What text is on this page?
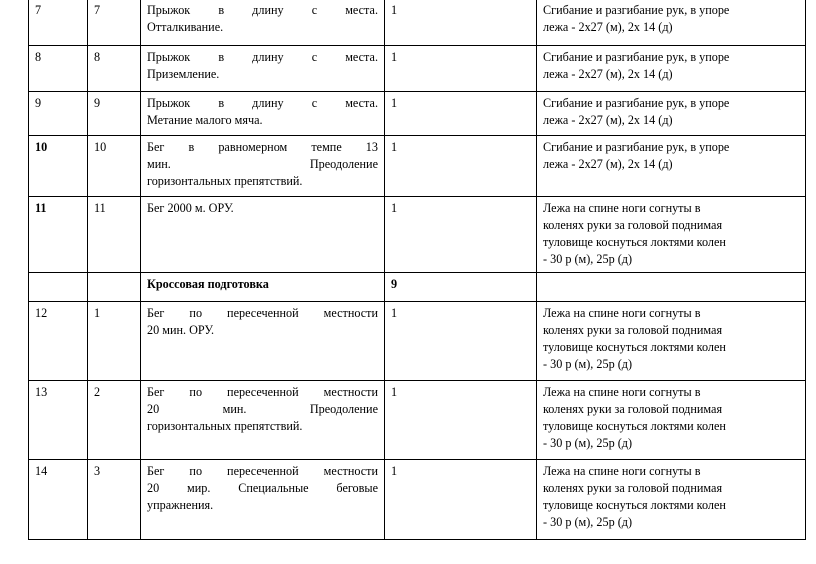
7	7	Прыжок в длину с места.
Отталкивание.	1	Сгибание и разгибание рук, в упоре
лежа - 2х27 (м), 2х 14 (д)

8	8	Прыжок в длину с места.
Приземление.	1	Сгибание и разгибание рук, в упоре
лежа - 2х27 (м), 2х 14 (д)

9	9	Прыжок в длину с места.
Метание малого мяча.	1	Сгибание и разгибание рук, в упоре
лежа - 2х27 (м), 2х 14 (д)

10	10	Бег в равномерном темпе 13
мин. Преодоление
горизонтальных препятствий.	1	Сгибание и разгибание рук, в упоре
лежа - 2х27 (м), 2х 14 (д)

11	11	Бег 2000 м. ОРУ.	1	Лежа на спине ноги согнуты в
коленях руки за головой поднимая
туловище коснуться локтями колен
- 30 р (м), 25р (д)

		Кроссовая подготовка	9	
12	1	Бег по пересеченной местности
20 мин. ОРУ.	1	Лежа на спине ноги согнуты в
коленях руки за головой поднимая
туловище коснуться локтями колен
- 30 р (м), 25р (д)

13	2	Бег по пересеченной местности
20 мин. Преодоление
горизонтальных препятствий.	1	Лежа на спине ноги согнуты в
коленях руки за головой поднимая
туловище коснуться локтями колен
- 30 р (м), 25р (д)

14	3	Бег по пересеченной местности
20 мир. Специальные беговые
упражнения.	1	Лежа на спине ноги согнуты в
коленях руки за головой поднимая
туловище коснуться локтями колен
- 30 р (м), 25р (д)
